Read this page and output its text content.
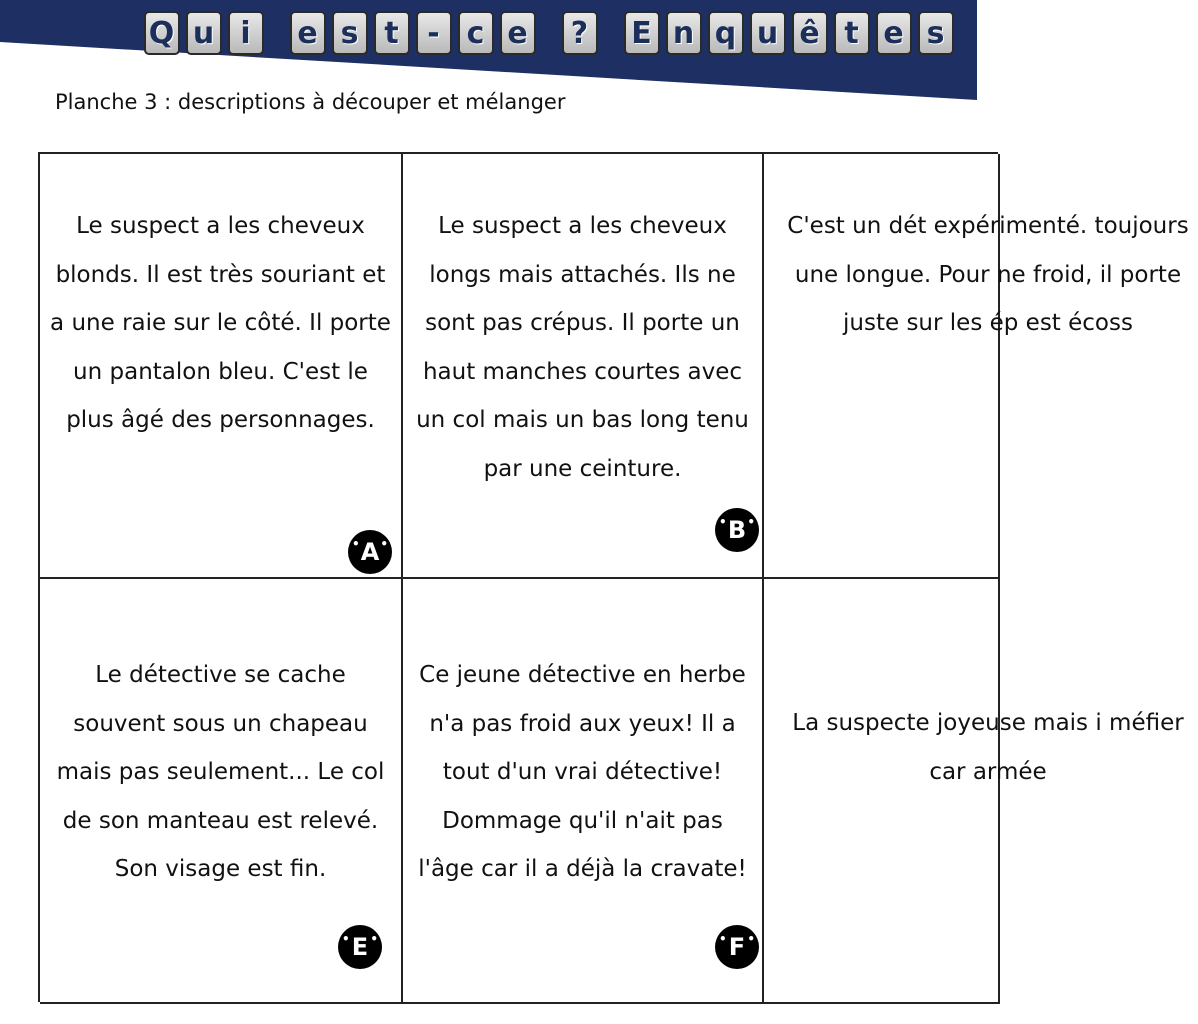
Q u i	e s t - c e	?	E n q u ê t e s
Planche 3 : descriptions à découper et mélanger
Le suspect a les cheveux blonds. Il est très souriant et a une raie sur le côté. Il porte un pantalon bleu. C'est le plus âgé des personnages.
• A •
Le suspect a les cheveux longs mais attachés. Ils ne sont pas crépus. Il porte un haut manches courtes avec un col mais un bas long tenu par une ceinture.
• B •
C'est un dét expérimenté. toujours une longue. Pour ne froid, il porte juste sur les ép est écoss
Le détective se cache souvent sous un chapeau mais pas seulement... Le col de son manteau est relevé. Son visage est fin.
• E •
Ce jeune détective en herbe n'a pas froid aux yeux! Il a tout d'un vrai détective! Dommage qu'il n'ait pas l'âge car il a déjà la cravate!
• F •
La suspecte joyeuse mais i méfier car armée
